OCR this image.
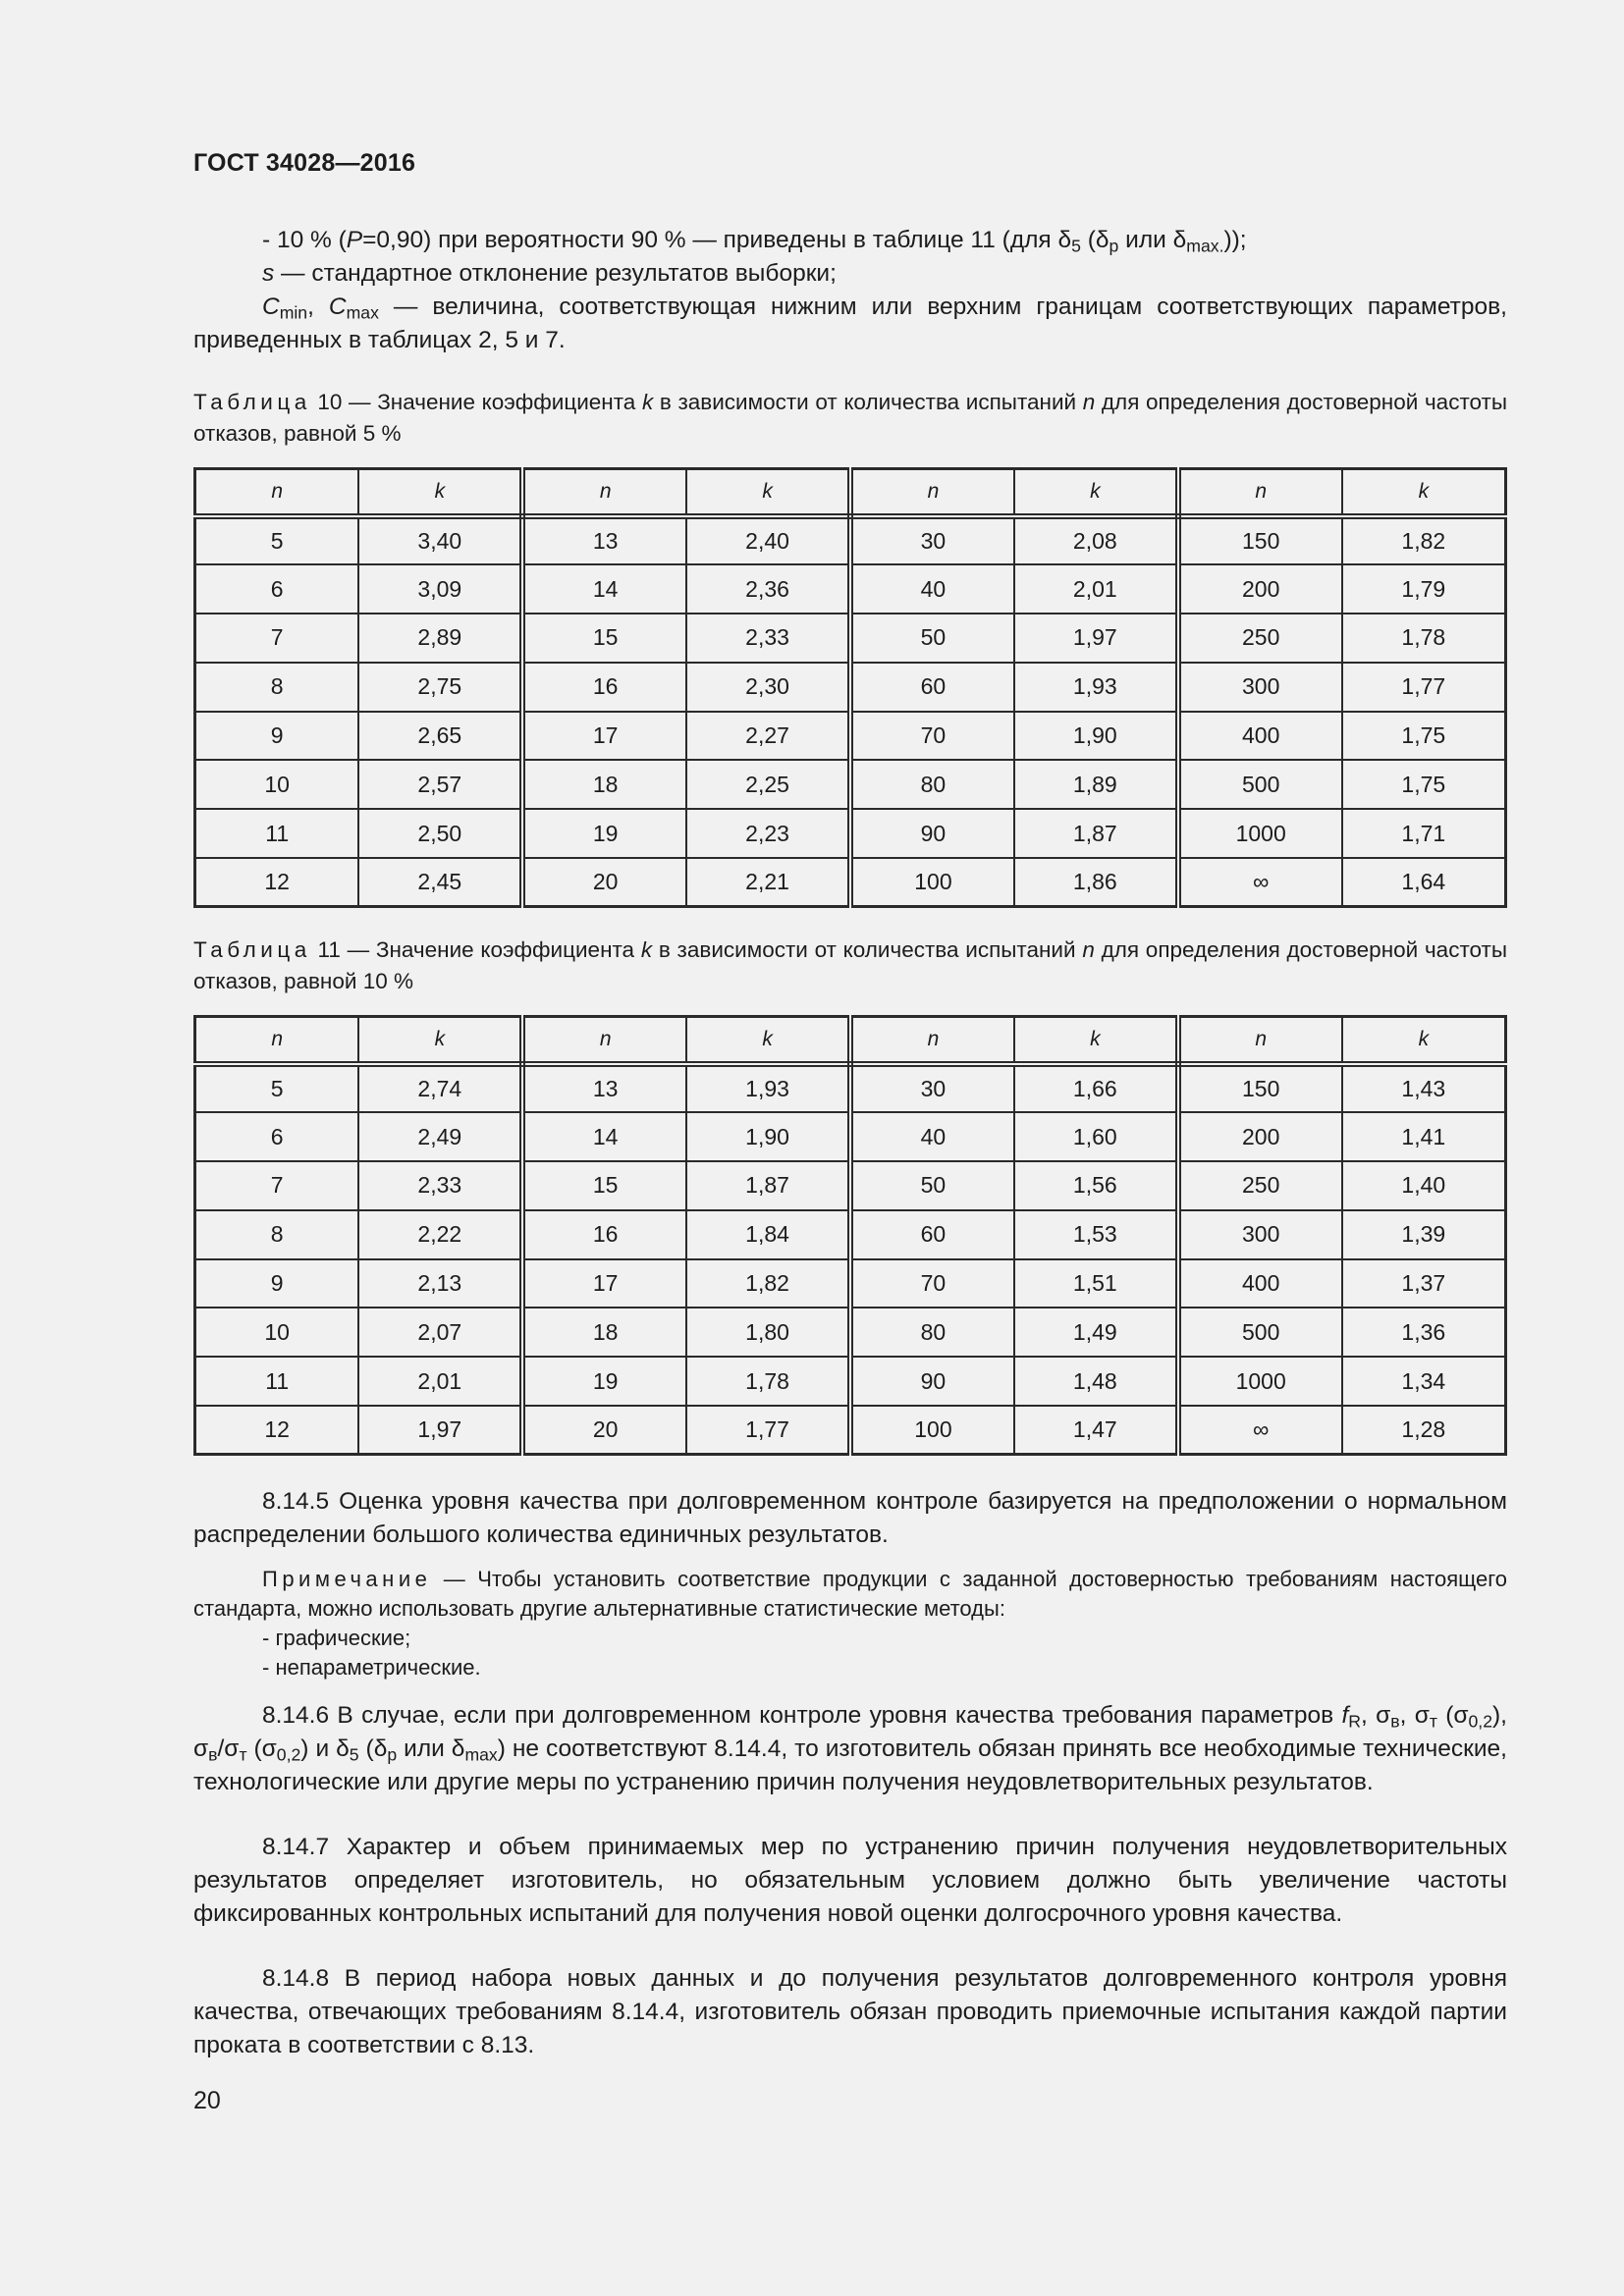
ГОСТ 34028—2016
- 10 % (P=0,90) при вероятности 90 % — приведены в таблице 11 (для $\delta_5$ ($\delta_p$ или $\delta_{max.}$));
s — стандартное отклонение результатов выборки;
$C_{min}$, $C_{max}$ — величина, соответствующая нижним или верхним границам соответствующих параметров, приведенных в таблицах 2, 5 и 7.
Таблица 10 — Значение коэффициента k в зависимости от количества испытаний n для определения достоверной частоты отказов, равной 5 %
n	k	n	k	n	k	n	k
5	3,40	13	2,40	30	2,08	150	1,82
6	3,09	14	2,36	40	2,01	200	1,79
7	2,89	15	2,33	50	1,97	250	1,78
8	2,75	16	2,30	60	1,93	300	1,77
9	2,65	17	2,27	70	1,90	400	1,75
10	2,57	18	2,25	80	1,89	500	1,75
11	2,50	19	2,23	90	1,87	1000	1,71
12	2,45	20	2,21	100	1,86	∞	1,64
Таблица 11 — Значение коэффициента k в зависимости от количества испытаний n для определения достоверной частоты отказов, равной 10 %
n	k	n	k	n	k	n	k
5	2,74	13	1,93	30	1,66	150	1,43
6	2,49	14	1,90	40	1,60	200	1,41
7	2,33	15	1,87	50	1,56	250	1,40
8	2,22	16	1,84	60	1,53	300	1,39
9	2,13	17	1,82	70	1,51	400	1,37
10	2,07	18	1,80	80	1,49	500	1,36
11	2,01	19	1,78	90	1,48	1000	1,34
12	1,97	20	1,77	100	1,47	∞	1,28
8.14.5 Оценка уровня качества при долговременном контроле базируется на предположении о нормальном распределении большого количества единичных результатов.
Примечание — Чтобы установить соответствие продукции с заданной достоверностью требованиям настоящего стандарта, можно использовать другие альтернативные статистические методы:
- графические;
- непараметрические.
8.14.6 В случае, если при долговременном контроле уровня качества требования параметров $f_R$, $\sigma_в$, $\sigma_т$ $(\sigma_{0,2})$, $\sigma_в/\sigma_т$ $(\sigma_{0,2})$ и $\delta_5$ ($\delta_p$ или $\delta_{max}$) не соответствуют 8.14.4, то изготовитель обязан принять все необходимые технические, технологические или другие меры по устранению причин получения неудовлетворительных результатов.
8.14.7 Характер и объем принимаемых мер по устранению причин получения неудовлетворительных результатов определяет изготовитель, но обязательным условием должно быть увеличение частоты фиксированных контрольных испытаний для получения новой оценки долгосрочного уровня качества.
8.14.8 В период набора новых данных и до получения результатов долговременного контроля уровня качества, отвечающих требованиям 8.14.4, изготовитель обязан проводить приемочные испытания каждой партии проката в соответствии с 8.13.
20
